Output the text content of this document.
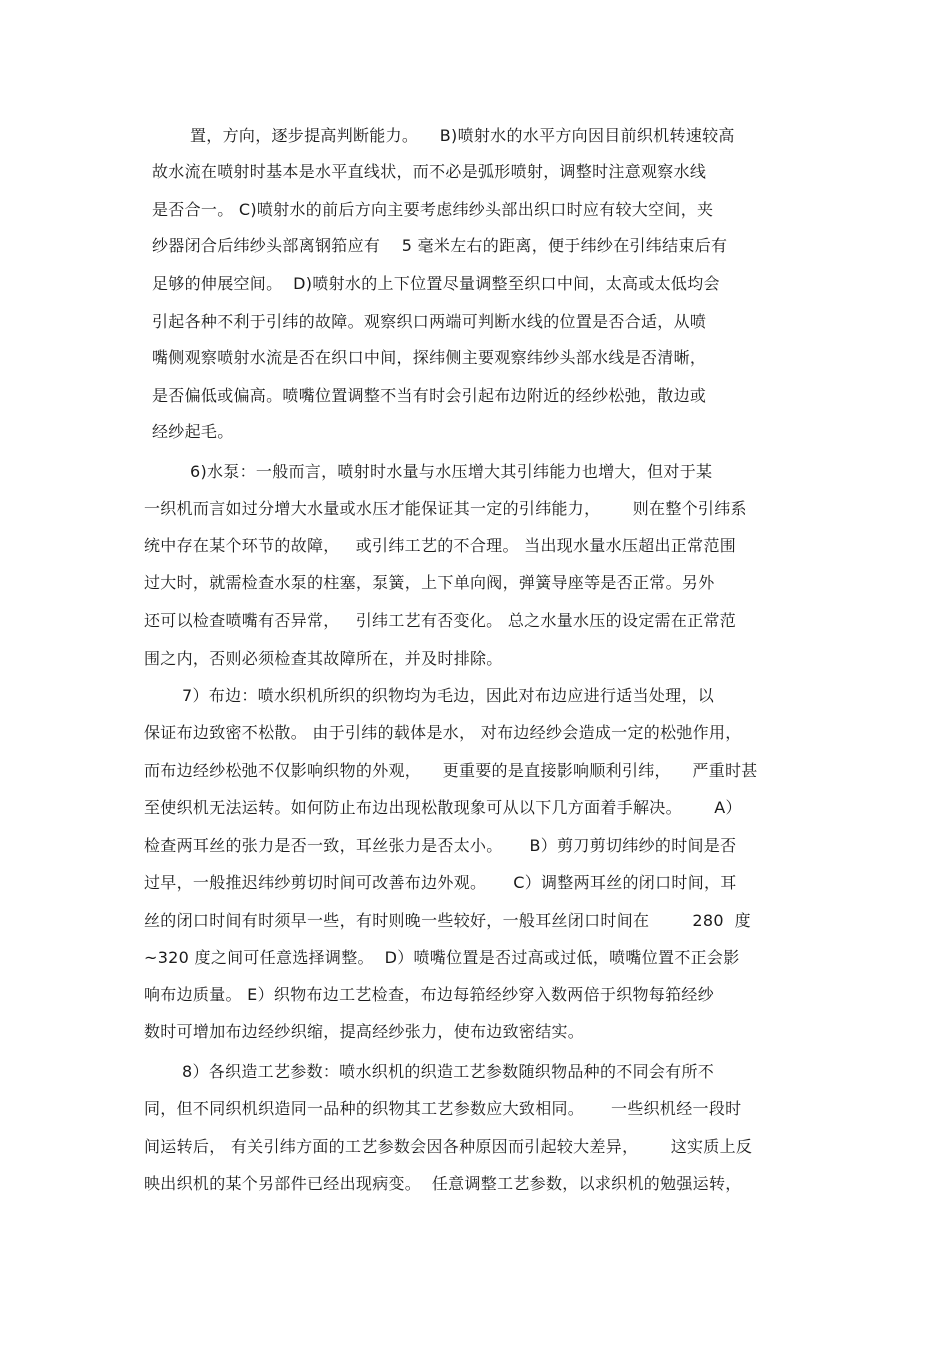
置，方向，逐步提高判断能力。    B)喷射水的水平方向因目前织机转速较高
故水流在喷射时基本是水平直线状，而不必是弧形喷射，调整时注意观察水线
是否合一。 C)喷射水的前后方向主要考虑纬纱头部出织口时应有较大空间，夹
纱器闭合后纬纱头部离钢筘应有    5 毫米左右的距离，便于纬纱在引纬结束后有
足够的伸展空间。  D)喷射水的上下位置尽量调整至织口中间，太高或太低均会
引起各种不利于引纬的故障。观察织口两端可判断水线的位置是否合适，从喷
嘴侧观察喷射水流是否在织口中间，探纬侧主要观察纬纱头部水线是否清晰，
是否偏低或偏高。喷嘴位置调整不当有时会引起布边附近的经纱松弛，散边或
经纱起毛。
6)水泵：一般而言，喷射时水量与水压增大其引纬能力也增大，但对于某
一织机而言如过分增大水量或水压才能保证其一定的引纬能力，      则在整个引纬系
统中存在某个环节的故障，   或引纬工艺的不合理。 当出现水量水压超出正常范围
过大时，就需检查水泵的柱塞，泵簧，上下单向阀，弹簧导座等是否正常。另外
还可以检查喷嘴有否异常，   引纬工艺有否变化。 总之水量水压的设定需在正常范
围之内，否则必须检查其故障所在，并及时排除。
7）布边：喷水织机所织的织物均为毛边，因此对布边应进行适当处理，以
保证布边致密不松散。 由于引纬的载体是水， 对布边经纱会造成一定的松弛作用，
而布边经纱松弛不仅影响织物的外观，    更重要的是直接影响顺利引纬，    严重时甚
至使织机无法运转。如何防止布边出现松散现象可从以下几方面着手解决。      A）
检查两耳丝的张力是否一致，耳丝张力是否太小。     B）剪刀剪切纬纱的时间是否
过早，一般推迟纬纱剪切时间可改善布边外观。     C）调整两耳丝的闭口时间，耳
丝的闭口时间有时须早一些，有时则晚一些较好，一般耳丝闭口时间在        280  度
~320 度之间可任意选择调整。  D）喷嘴位置是否过高或过低，喷嘴位置不正会影
响布边质量。 E）织物布边工艺检查，布边每筘经纱穿入数两倍于织物每筘经纱
数时可增加布边经纱织缩，提高经纱张力，使布边致密结实。
8）各织造工艺参数：喷水织机的织造工艺参数随织物品种的不同会有所不
同，但不同织机织造同一品种的织物其工艺参数应大致相同。     一些织机经一段时
间运转后， 有关引纬方面的工艺参数会因各种原因而引起较大差异，      这实质上反
映出织机的某个另部件已经出现病变。  任意调整工艺参数，以求织机的勉强运转，
